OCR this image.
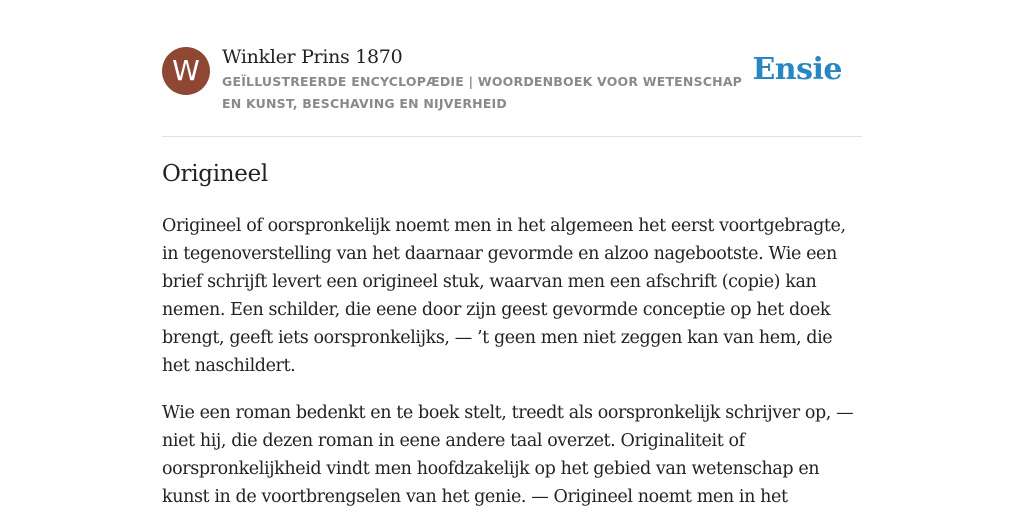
W	Winkler Prins 1870
GEÏLLUSTREERDE ENCYCLOPÆDIE | WOORDENBOEK VOOR WETENSCHAP EN KUNST, BESCHAVING EN NIJVERHEID
Ensie
Origineel

Origineel of oorspronkelijk noemt men in het algemeen het eerst voortgebragte, in tegenoverstelling van het daarnaar gevormde en alzoo nagebootste. Wie een brief schrijft levert een origineel stuk, waarvan men een afschrift (copie) kan nemen. Een schilder, die eene door zijn geest gevormde conceptie op het doek brengt, geeft iets oorspronkelijks, — ’t geen men niet zeggen kan van hem, die het naschildert.

Wie een roman bedenkt en te boek stelt, treedt als oorspronkelijk schrijver op, — niet hij, die dezen roman in eene andere taal overzet. Originaliteit of oorspronkelijkheid vindt men hoofdzakelijk op het gebied van wetenschap en kunst in de voortbrengselen van het genie. — Origineel noemt men in het
